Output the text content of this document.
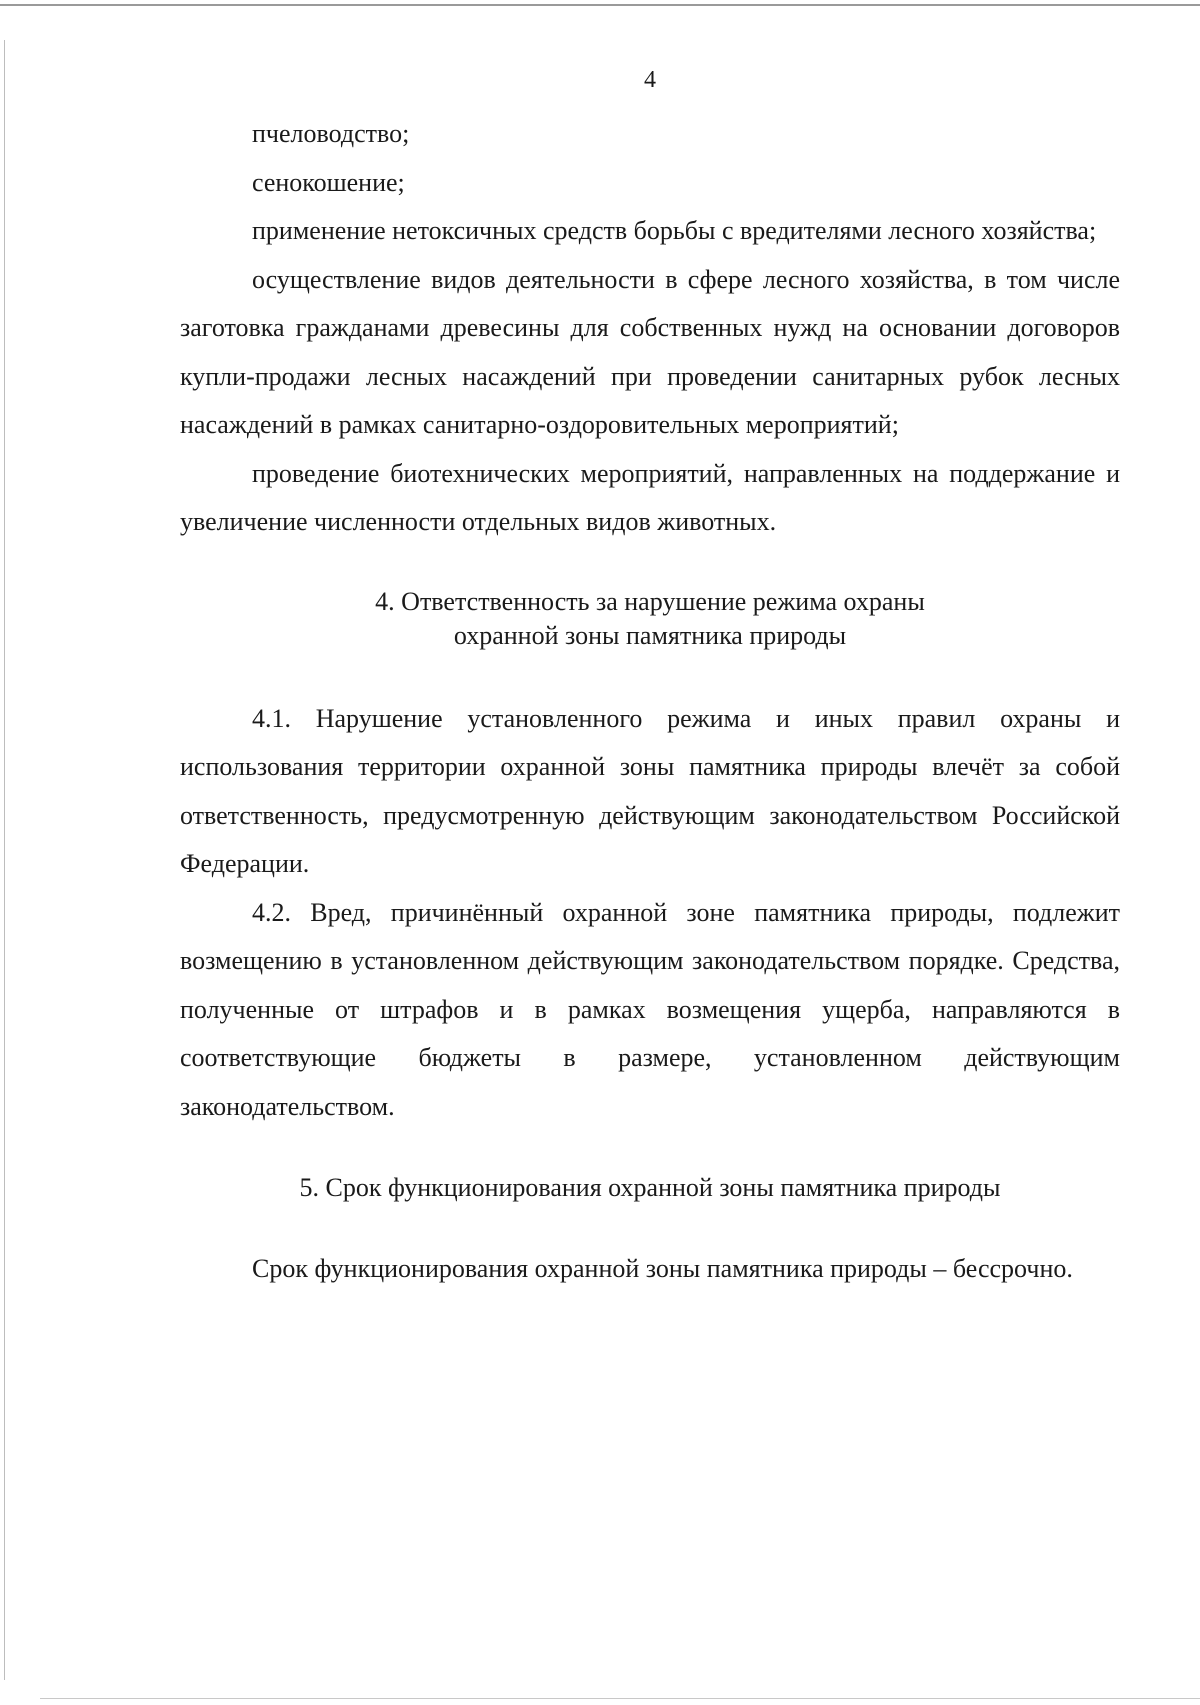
4

пчеловодство;

сенокошение;

применение нетоксичных средств борьбы с вредителями лесного хозяйства;

осуществление видов деятельности в сфере лесного хозяйства, в том числе заготовка гражданами древесины для собственных нужд на основании договоров купли-продажи лесных насаждений при проведении санитарных рубок лесных насаждений в рамках санитарно-оздоровительных мероприятий;

проведение биотехнических мероприятий, направленных на поддержание и увеличение численности отдельных видов животных.

4. Ответственность за нарушение режима охраны
охранной зоны памятника природы

4.1. Нарушение установленного режима и иных правил охраны и использования территории охранной зоны памятника природы влечёт за собой ответственность, предусмотренную действующим законодательством Российской Федерации.

4.2. Вред, причинённый охранной зоне памятника природы, подлежит возмещению в установленном действующим законодательством порядке. Средства, полученные от штрафов и в рамках возмещения ущерба, направляются в соответствующие бюджеты в размере, установленном действующим законодательством.

5. Срок функционирования охранной зоны памятника природы

Срок функционирования охранной зоны памятника природы – бессрочно.
